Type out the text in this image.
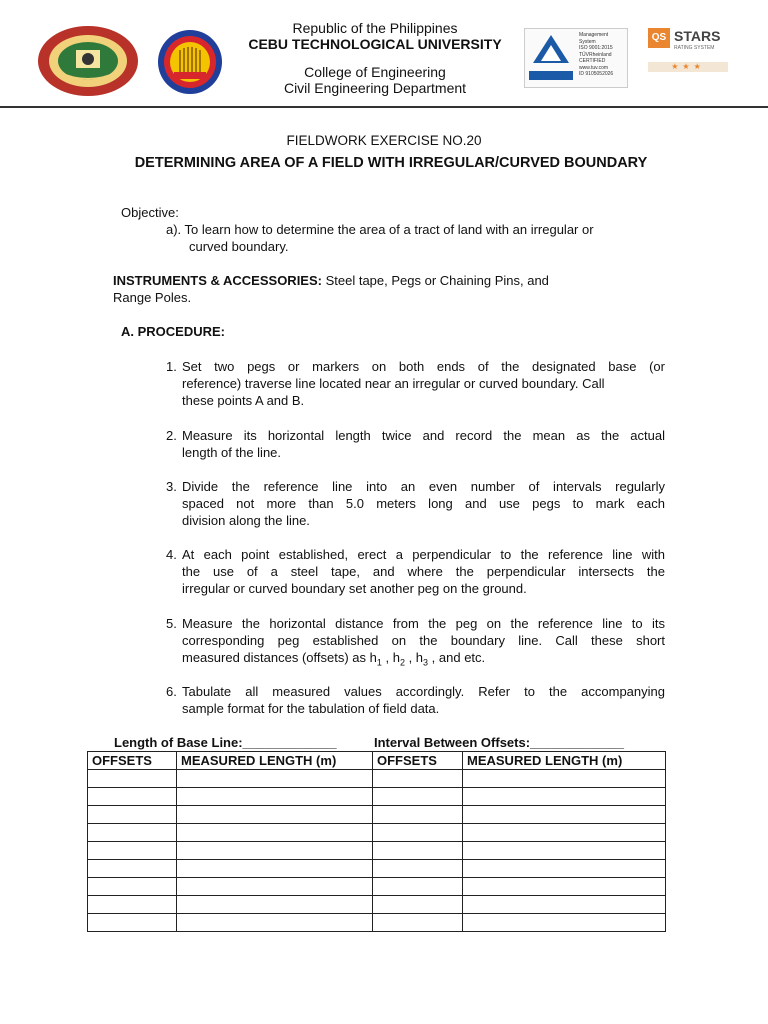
Republic of the Philippines
CEBU TECHNOLOGICAL UNIVERSITY
College of Engineering
Civil Engineering Department
Management
System
ISO 9001:2015
TÜVRheinland
CERTIFIED
www.tuv.com
ID 9105052026
QS STARS
RATING SYSTEM
★★★
FIELDWORK EXERCISE NO.20
DETERMINING AREA OF A FIELD WITH IRREGULAR/CURVED BOUNDARY
Objective:
a). To learn how to determine the area of a tract of land with an irregular or
curved boundary.
INSTRUMENTS & ACCESSORIES: Steel tape, Pegs or Chaining Pins, and
Range Poles.
A. PROCEDURE:
1. Set two pegs or markers on both ends of the designated base (or
reference) traverse line located near an irregular or curved boundary. Call
these points A and B.
2. Measure its horizontal length twice and record the mean as the actual
length of the line.
3. Divide the reference line into an even number of intervals regularly
spaced not more than 5.0 meters long and use pegs to mark each
division along the line.
4. At each point established, erect a perpendicular to the reference line with
the use of a steel tape, and where the perpendicular intersects the
irregular or curved boundary set another peg on the ground.
5. Measure the horizontal distance from the peg on the reference line to its
corresponding peg established on the boundary line. Call these short
measured distances (offsets) as $h_1$ , $h_2$ , $h_3$ , and etc.
6. Tabulate all measured values accordingly. Refer to the accompanying
sample format for the tabulation of field data.
Length of Base Line:_____________	Interval Between Offsets:_____________
OFFSETS	MEASURED LENGTH (m)	OFFSETS	MEASURED LENGTH (m)
